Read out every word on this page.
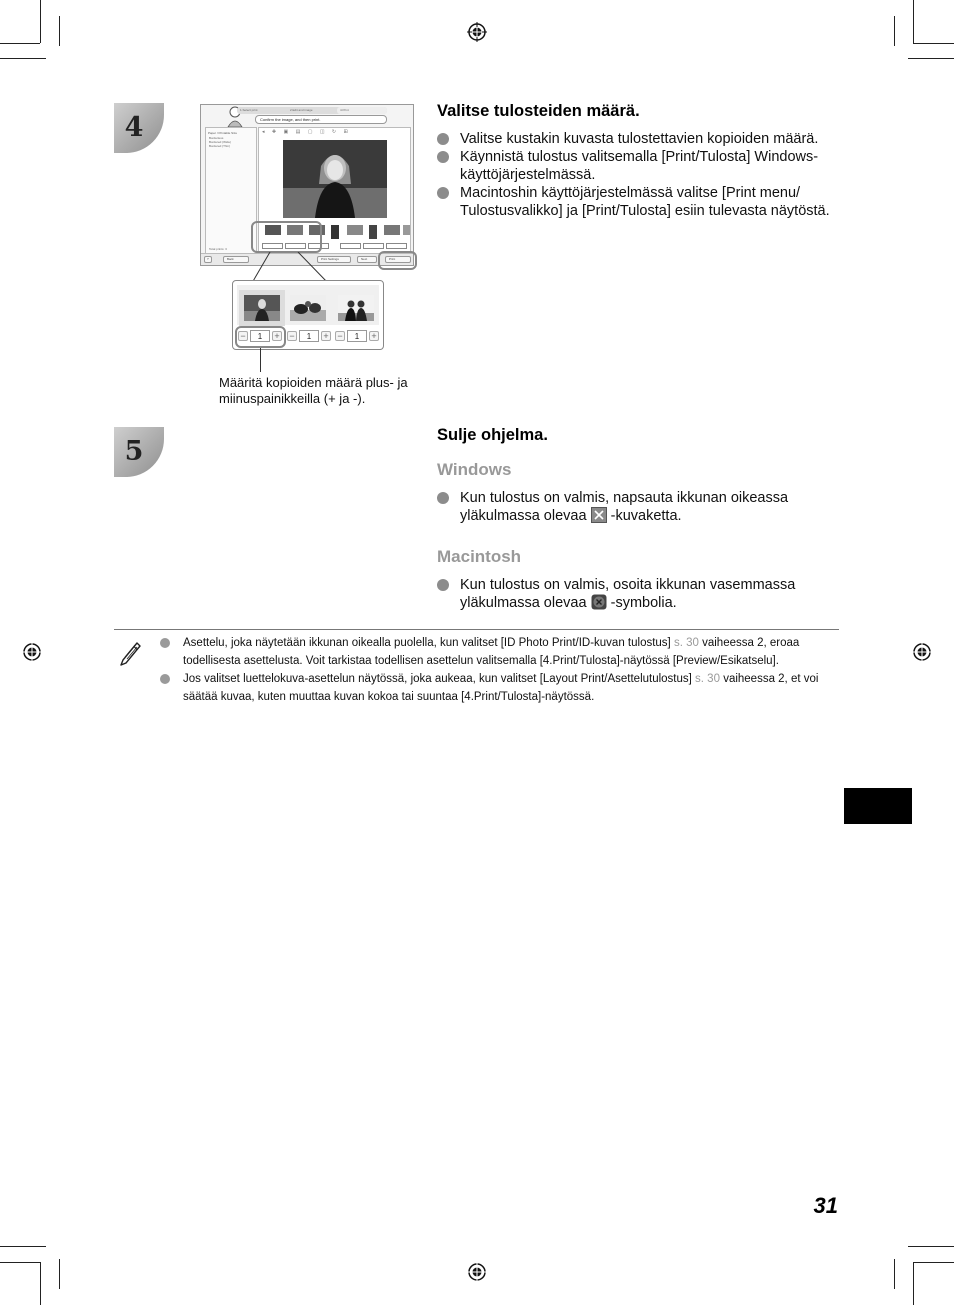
4
1.Select print	2.Edit and image	4.Print
Confirm the image, and then print.
Paper / Printable Size
Borderless
Bordered (Wide)
Bordered (Thin)
Total prints: 3
◂ ✚ ▣ ▤ ▢ ◫ ↻ ⊞
?	Back	Print Settings	Next	Print
−	1	+ −	1	+ −	1	+
Määritä kopioiden määrä plus- ja miinuspainikkeilla (+ ja -).
Valitse tulosteiden määrä.
Valitse kustakin kuvasta tulostettavien kopioiden määrä.
Käynnistä tulostus valitsemalla [Print/Tulosta] Windows-käyttöjärjestelmässä.
Macintoshin käyttöjärjestelmässä valitse [Print menu/ Tulostusvalikko] ja [Print/Tulosta] esiin tulevasta näytöstä.
5
Sulje ohjelma.
Windows
Kun tulostus on valmis, napsauta ikkunan oikeassa yläkulmassa olevaa -kuvaketta.
Macintosh
Kun tulostus on valmis, osoita ikkunan vasemmassa yläkulmassa olevaa -symbolia.
Asettelu, joka näytetään ikkunan oikealla puolella, kun valitset [ID Photo Print/ID-kuvan tulostus] s. 30 vaiheessa 2, eroaa todellisesta asettelusta. Voit tarkistaa todellisen asettelun valitsemalla [4.Print/Tulosta]-näytössä [Preview/Esikatselu].
Jos valitset luettelokuva-asettelun näytössä, joka aukeaa, kun valitset [Layout Print/Asettelutulostus] s. 30 vaiheessa 2, et voi säätää kuvaa, kuten muuttaa kuvan kokoa tai suuntaa [4.Print/Tulosta]-näytössä.
31
